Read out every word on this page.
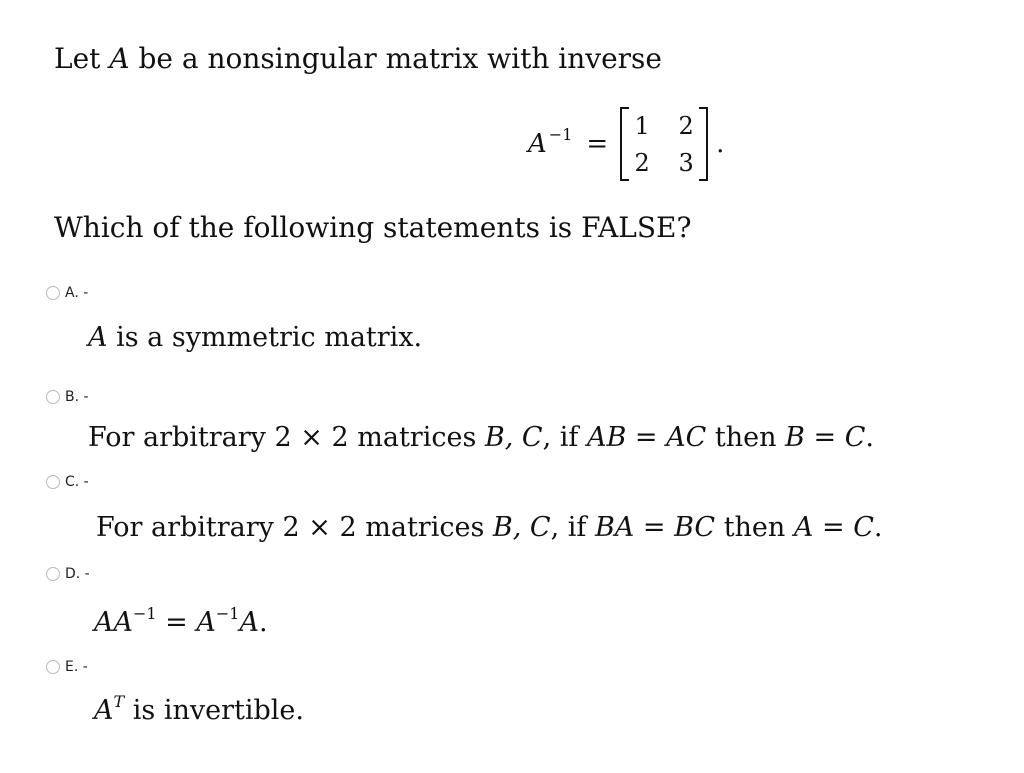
Let A be a nonsingular matrix with inverse
$A^{-1}$ =
1 2
2 3
.
Which of the following statements is FALSE?
A. -
A is a symmetric matrix.
B. -
For arbitrary 2 × 2 matrices B, C, if AB = AC then B = C.
C. -
For arbitrary 2 × 2 matrices B, C, if BA = BC then A = C.
D. -
$AA^{-1} = A^{-1}A$.
E. -
$A^T$ is invertible.
